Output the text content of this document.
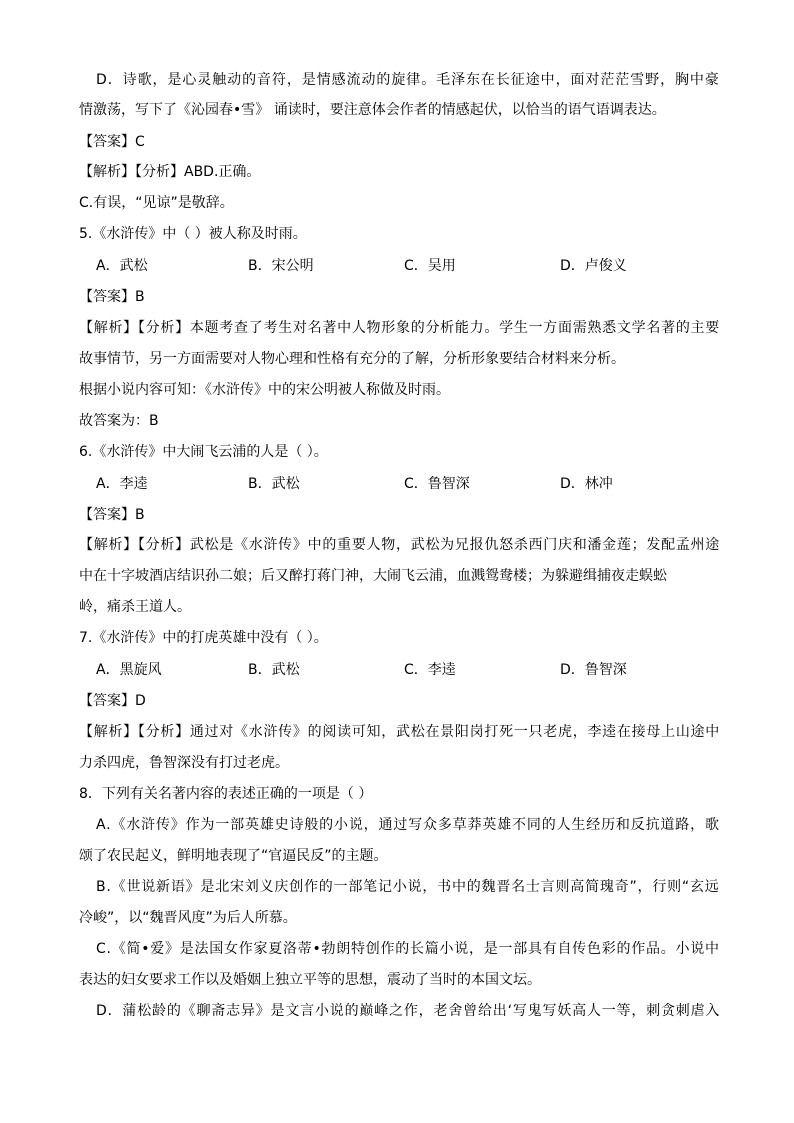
D．诗歌，是心灵触动的音符，是情感流动的旋律。毛泽东在长征途中，面对茫茫雪野，胸中豪
情激荡，写下了《沁园春•雪》 诵读时，要注意体会作者的情感起伏，以恰当的语气语调表达。
【答案】C
【解析】【分析】ABD.正确。
C.有误，“见谅”是敬辞。
5.《水浒传》中（ ）被人称及时雨。
【答案】B
【解析】【分析】本题考查了考生对名著中人物形象的分析能力。学生一方面需熟悉文学名著的主要
故事情节，另一方面需要对人物心理和性格有充分的了解，分析形象要结合材料来分析。
根据小说内容可知：《水浒传》中的宋公明被人称做及时雨。
故答案为：B
6.《水浒传》中大闹飞云浦的人是（ ）。
【答案】B
【解析】【分析】武松是《水浒传》中的重要人物，武松为兄报仇怒杀西门庆和潘金莲；发配孟州途
中在十字坡酒店结识孙二娘；后又醉打蒋门神，大闹飞云浦，血溅鸳鸯楼；为躲避缉捕夜走蜈蚣
岭，痛杀王道人。
7.《水浒传》中的打虎英雄中没有（ ）。
【答案】D
【解析】【分析】通过对《水浒传》的阅读可知，武松在景阳岗打死一只老虎，李逵在接母上山途中
力杀四虎，鲁智深没有打过老虎。
8．下列有关名著内容的表述正确的一项是（ ）
A.《水浒传》作为一部英雄史诗般的小说，通过写众多草莽英雄不同的人生经历和反抗道路，歌
颂了农民起义，鲜明地表现了“官逼民反”的主题。
B.《世说新语》是北宋刘义庆创作的一部笔记小说，书中的魏晋名士言则高简瑰奇”，行则“玄远
冷峻”，以“魏晋风度”为后人所慕。
C.《简•爱》是法国女作家夏洛蒂•勃朗特创作的长篇小说，是一部具有自传色彩的作品。小说中
表达的妇女要求工作以及婚姻上独立平等的思想，震动了当时的本国文坛。
D．蒲松龄的《聊斋志异》是文言小说的巅峰之作，老舍曾给出‘写鬼写妖高人一等，刺贪刺虐入
A．武松	B．宋公明	C．吴用	D．卢俊义
A．李逵	B．武松	C．鲁智深	D．林冲
A．黑旋风	B．武松	C．李逵	D．鲁智深
